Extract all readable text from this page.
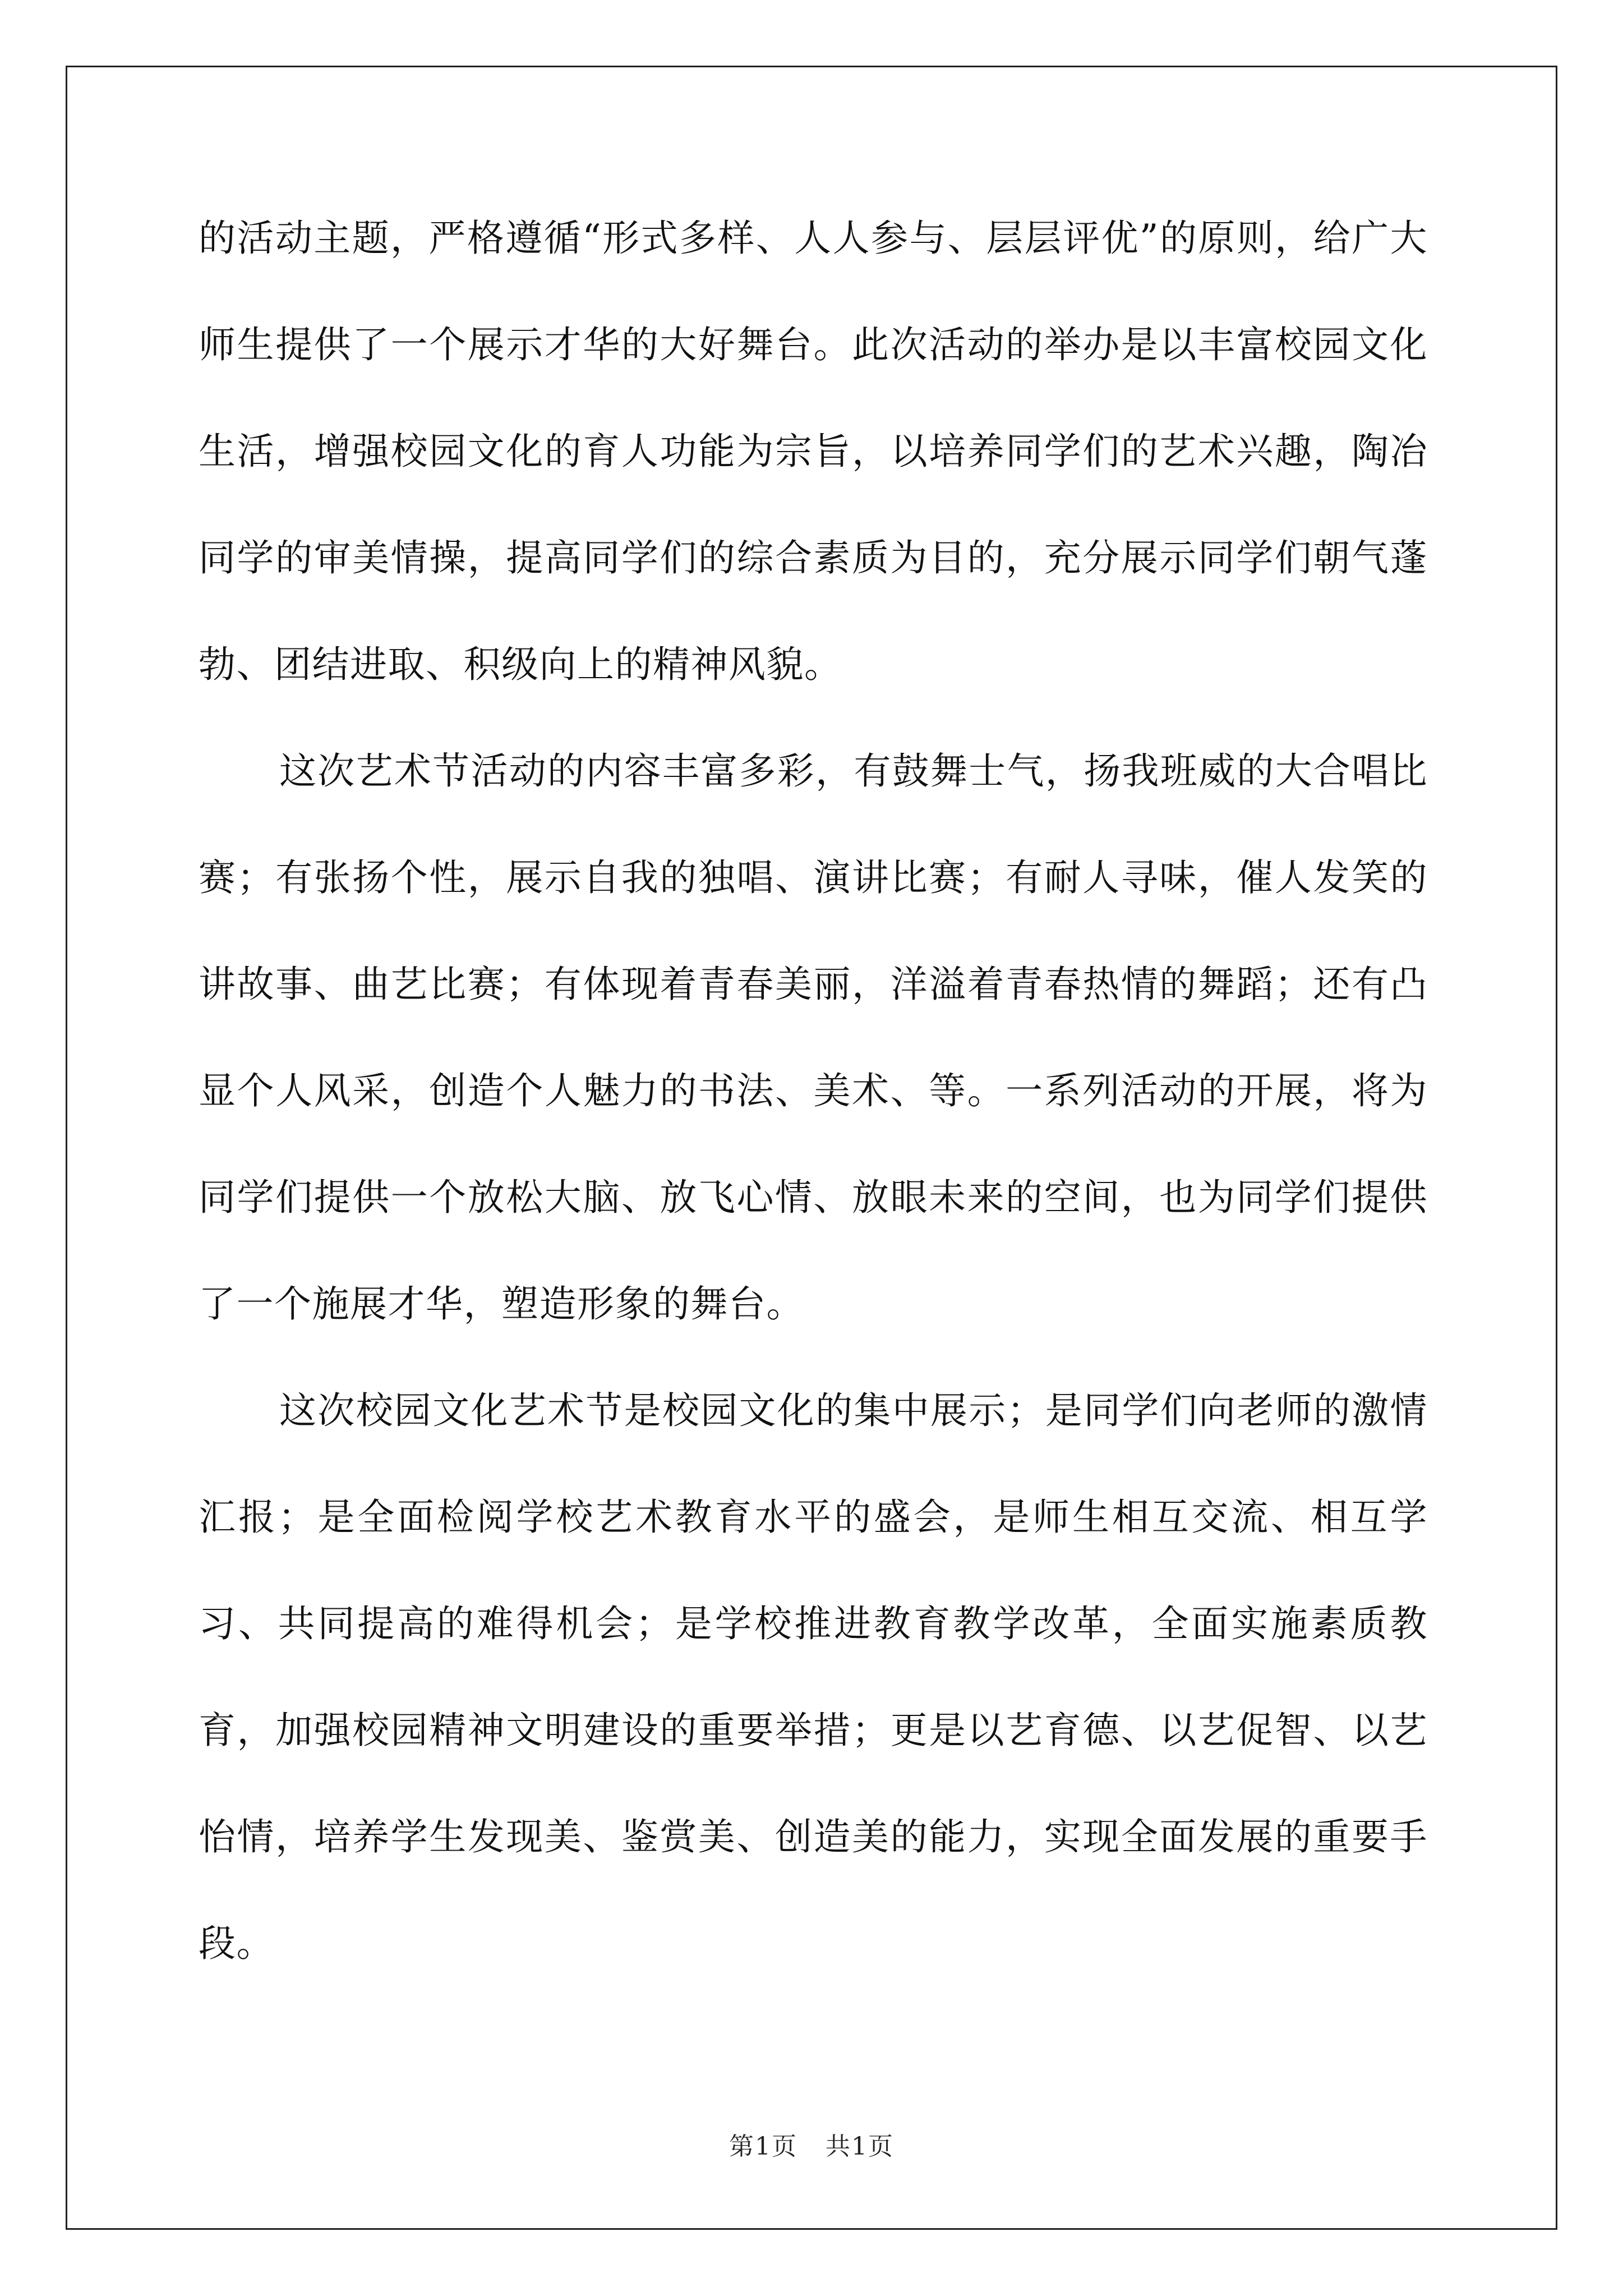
的活动主题，严格遵循“形式多样、人人参与、层层评优”的原则，给广大师生提供了一个展示才华的大好舞台。此次活动的举办是以丰富校园文化生活，增强校园文化的育人功能为宗旨，以培养同学们的艺术兴趣，陶冶同学的审美情操，提高同学们的综合素质为目的，充分展示同学们朝气蓬勃、团结进取、积级向上的精神风貌。

这次艺术节活动的内容丰富多彩，有鼓舞士气，扬我班威的大合唱比赛；有张扬个性，展示自我的独唱、演讲比赛；有耐人寻味，催人发笑的讲故事、曲艺比赛；有体现着青春美丽，洋溢着青春热情的舞蹈；还有凸显个人风采，创造个人魅力的书法、美术、等。一系列活动的开展，将为同学们提供一个放松大脑、放飞心情、放眼未来的空间，也为同学们提供了一个施展才华，塑造形象的舞台。

这次校园文化艺术节是校园文化的集中展示；是同学们向老师的激情汇报；是全面检阅学校艺术教育水平的盛会，是师生相互交流、相互学习、共同提高的难得机会；是学校推进教育教学改革，全面实施素质教育，加强校园精神文明建设的重要举措；更是以艺育德、以艺促智、以艺怡情，培养学生发现美、鉴赏美、创造美的能力，实现全面发展的重要手段。

第1页 共1页
